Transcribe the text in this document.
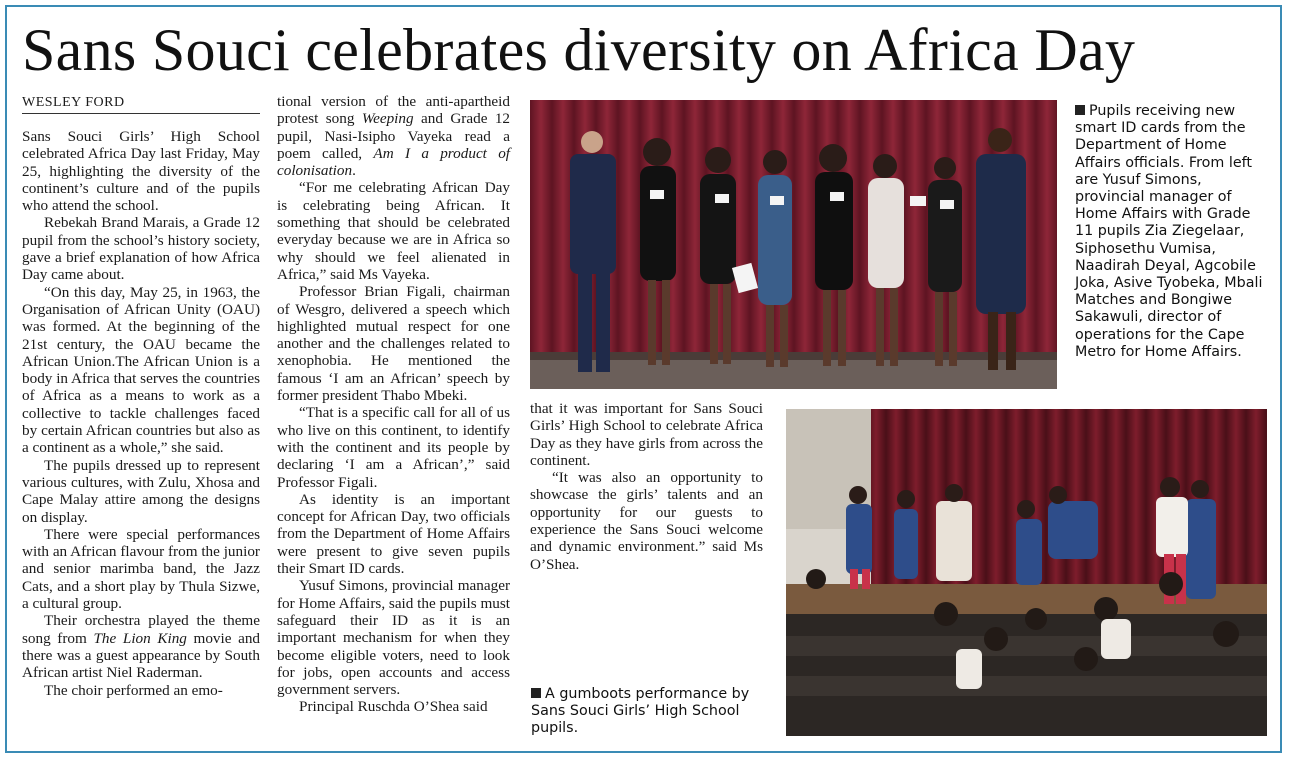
Sans Souci celebrates diversity on Africa Day
WESLEY FORD

Sans Souci Girls’ High School celebrated Africa Day last Friday, May 25, highlighting the diversity of the continent’s culture and of the pupils who attend the school.

Rebekah Brand Marais, a Grade 12 pupil from the school’s history society, gave a brief explanation of how Africa Day came about.

“On this day, May 25, in 1963, the Organisation of African Unity (OAU) was formed. At the beginning of the 21st century, the OAU became the African Union.The African Union is a body in Africa that serves the countries of Africa as a means to work as a collective to tackle challenges faced by certain African countries but also as a continent as a whole,” she said.

The pupils dressed up to represent various cultures, with Zulu, Xhosa and Cape Malay attire among the designs on display.

There were special performances with an African flavour from the junior and senior marimba band, the Jazz Cats, and a short play by Thula Sizwe, a cultural group.

Their orchestra played the theme song from The Lion King movie and there was a guest appearance by South African artist Niel Raderman.

The choir performed an emo-

tional version of the anti-apartheid protest song Weeping and Grade 12 pupil, Nasi-Isipho Vayeka read a poem called, Am I a product of colonisation.

“For me celebrating African Day is celebrating being African. It something that should be celebrated everyday because we are in Africa so why should we feel alienated in Africa,” said Ms Vayeka.

Professor Brian Figali, chairman of Wesgro, delivered a speech which highlighted mutual respect for one another and the challenges related to xenophobia. He mentioned the famous ‘I am an African’ speech by former president Thabo Mbeki.

“That is a specific call for all of us who live on this continent, to identify with the continent and its people by declaring ‘I am a African’,” said Professor Figali.

As identity is an important concept for African Day, two officials from the Department of Home Affairs were present to give seven pupils their Smart ID cards.

Yusuf Simons, provincial manager for Home Affairs, said the pupils must safeguard their ID as it is an important mechanism for when they become eligible voters, need to look for jobs, open accounts and access government servers.

Principal Ruschda O’Shea said

that it was important for Sans Souci Girls’ High School to celebrate Africa Day as they have girls from across the continent.

“It was also an opportunity to showcase the girls’ talents and an opportunity for our guests to experience the Sans Souci welcome and dynamic environment.” said Ms O’Shea.

Pupils receiving new smart ID cards from the Department of Home Affairs officials. From left are Yusuf Simons, provincial manager of Home Affairs with Grade 11 pupils Zia Ziegelaar, Siphosethu Vumisa, Naadirah Deyal, Agcobile Joka, Asive Tyobeka, Mbali Matches and Bongiwe Sakawuli, director of operations for the Cape Metro for Home Affairs.
A gumboots performance by Sans Souci Girls’ High School pupils.
